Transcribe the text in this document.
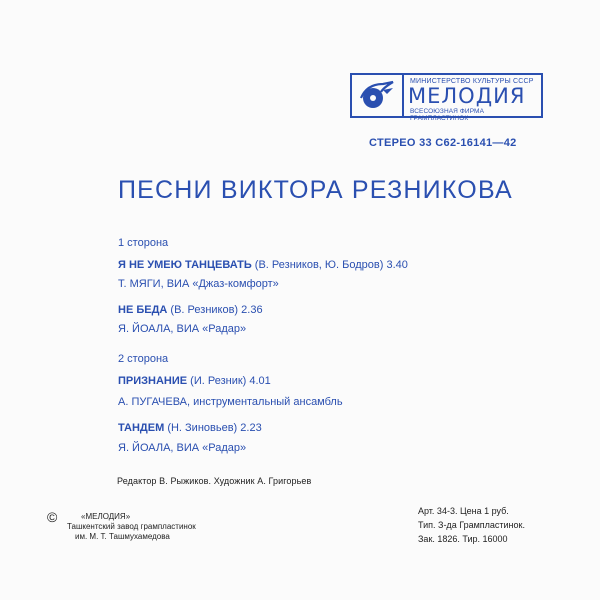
МИНИСТЕРСТВО КУЛЬТУРЫ СССР
МЕЛОДИЯ
ВСЕСОЮЗНАЯ ФИРМА ГРАМПЛАСТИНОК
СТЕРЕО 33 С62-16141—42
ПЕСНИ ВИКТОРА РЕЗНИКОВА
1 сторона
Я НЕ УМЕЮ ТАНЦЕВАТЬ (В. Резников, Ю. Бодров) 3.40
Т. МЯГИ, ВИА «Джаз-комфорт»
НЕ БЕДА (В. Резников) 2.36
Я. ЙОАЛА, ВИА «Радар»
2 сторона
ПРИЗНАНИЕ (И. Резник) 4.01
А. ПУГАЧЕВА, инструментальный ансамбль
ТАНДЕМ (Н. Зиновьев) 2.23
Я. ЙОАЛА, ВИА «Радар»
Редактор В. Рыжиков. Художник А. Григорьев
©	«МЕЛОДИЯ»
Ташкентский завод грампластинок
им. М. Т. Ташмухамедова
Арт. 34-3. Цена 1 руб.
Тип. З-да Грампластинок.
Зак. 1826. Тир. 16000
